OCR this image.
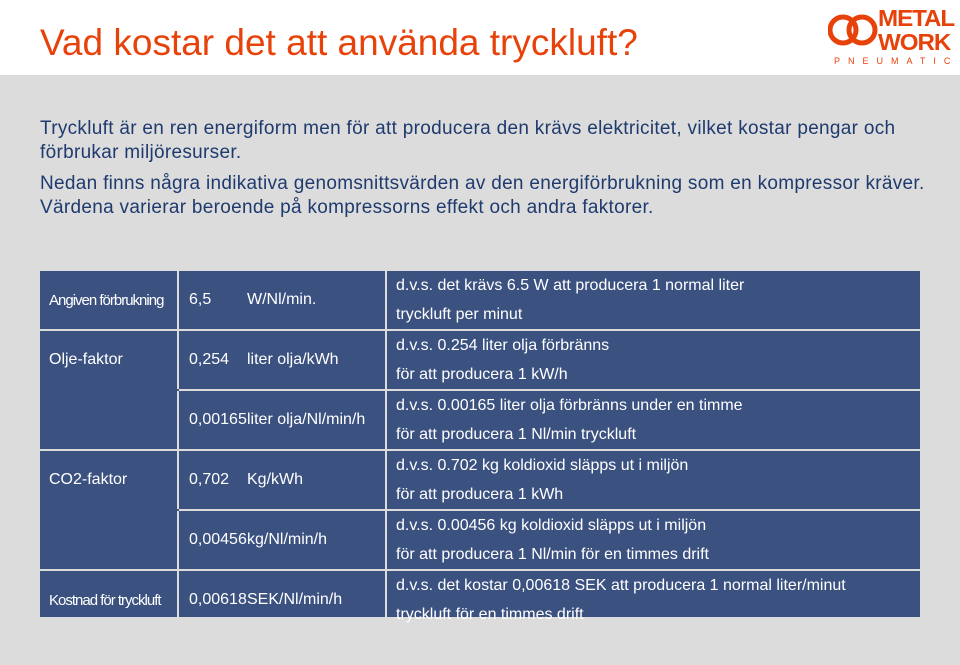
Vad kostar det att använda tryckluft?
METAL
WORK
PNEUMATIC

Tryckluft är en ren energiform men för att producera den krävs elektricitet, vilket kostar pengar och förbrukar miljöresurser.

Nedan finns några indikativa genomsnittsvärden av den energiförbrukning som en kompressor kräver. Värdena varierar beroende på kompressorns effekt och andra faktorer.

Angiven förbrukning	6,5	W/Nl/min.	d.v.s. det krävs 6.5 W att producera 1 normal liter
tryckluft per minut

Olje-faktor	0,254	liter olja/kWh	d.v.s. 0.254 liter olja förbränns
för att producera 1 kW/h

	0,00165	liter olja/Nl/min/h	d.v.s. 0.00165 liter olja förbränns under en timme
för att producera 1 Nl/min tryckluft

CO2-faktor	0,702	Kg/kWh	d.v.s. 0.702 kg koldioxid släpps ut i miljön
för att producera 1 kWh

	0,00456	kg/Nl/min/h	d.v.s. 0.00456 kg koldioxid släpps ut i miljön
för att producera 1 Nl/min för en timmes drift

Kostnad för tryckluft	0,00618	SEK/Nl/min/h	d.v.s. det kostar 0,00618 SEK att producera 1 normal liter/minut
tryckluft för en timmes drift
